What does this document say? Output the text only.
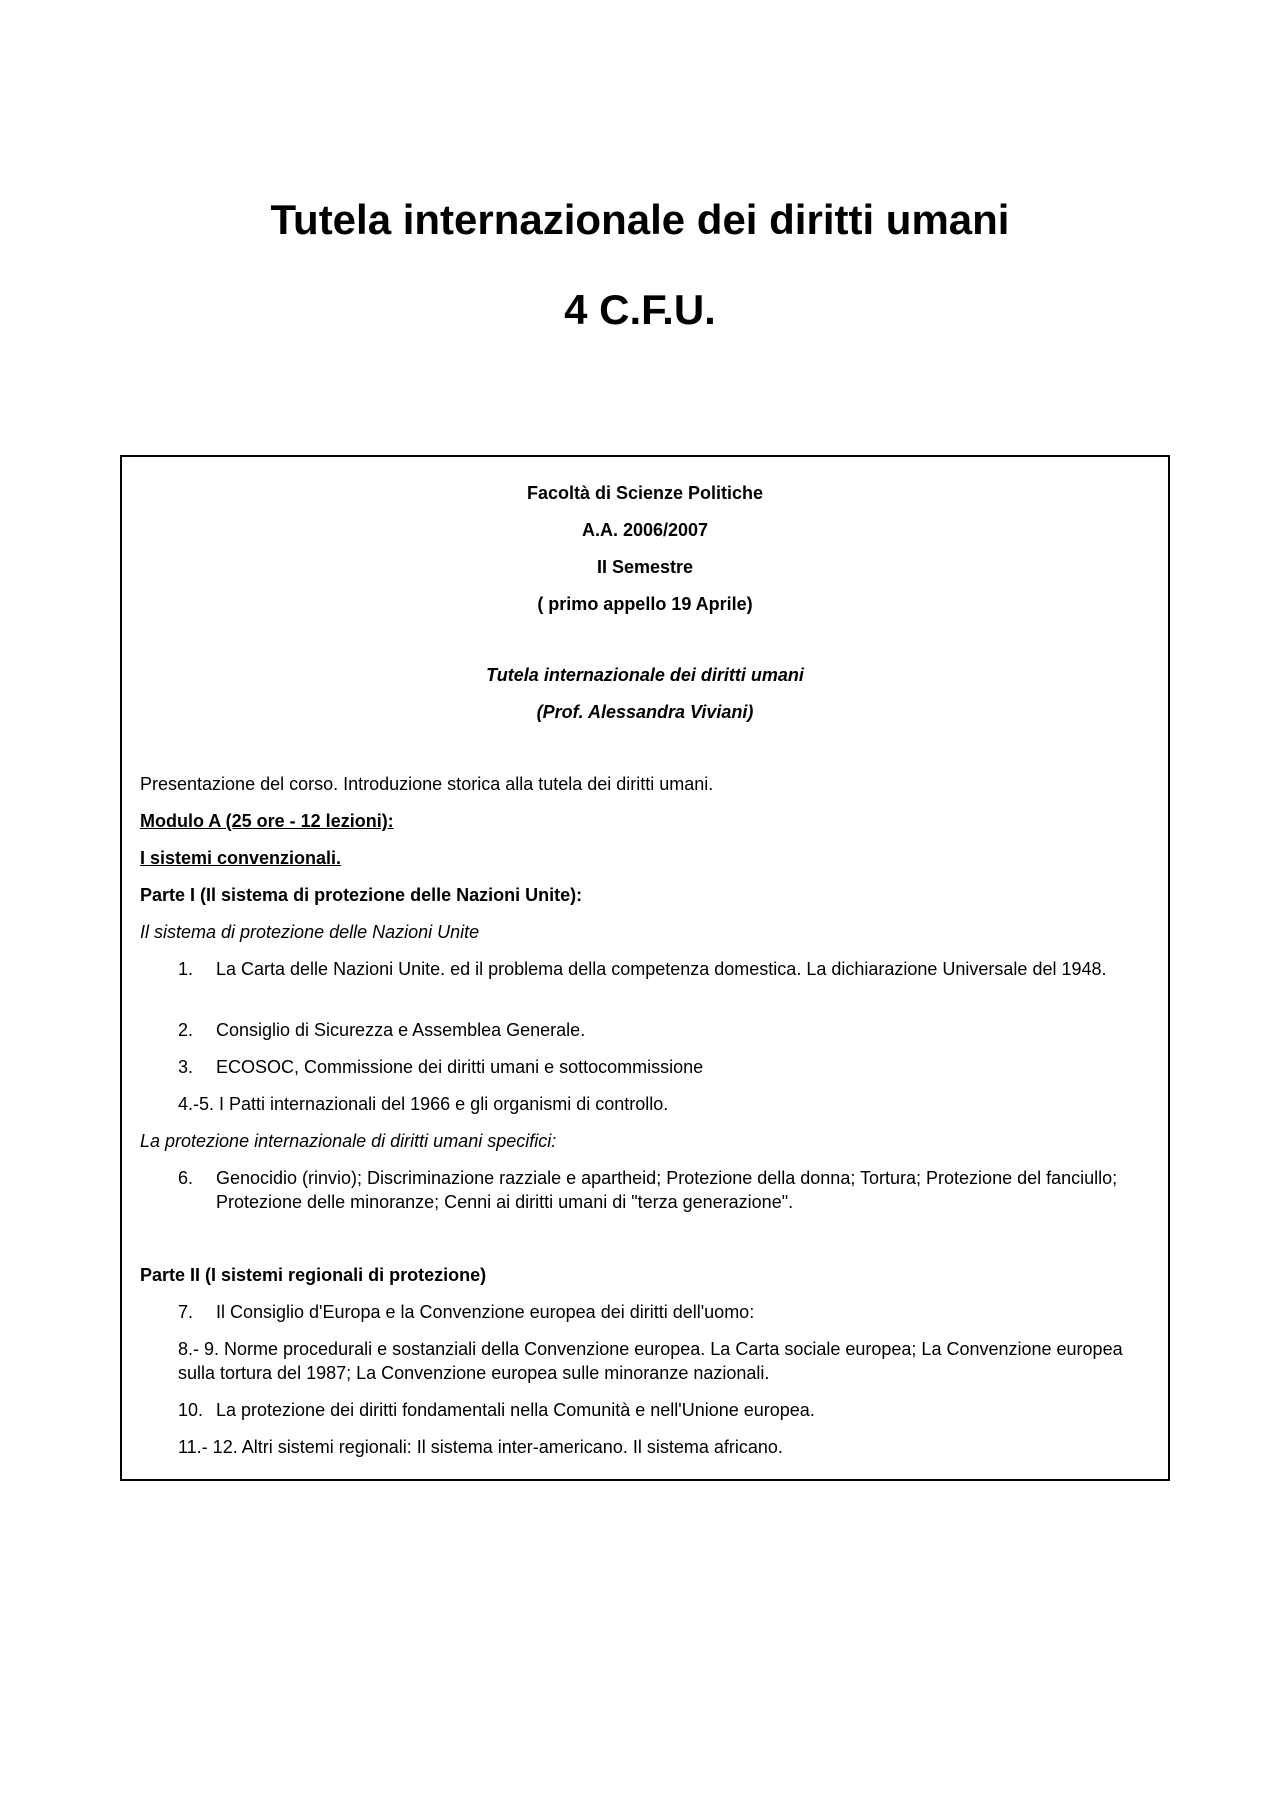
Tutela internazionale dei diritti umani
4 C.F.U.
Facoltà di Scienze Politiche
A.A. 2006/2007
II Semestre
( primo appello 19 Aprile)
Tutela internazionale dei diritti umani
(Prof. Alessandra Viviani)
Presentazione del corso. Introduzione storica alla tutela dei diritti umani.
Modulo A (25 ore - 12 lezioni):
I sistemi convenzionali.
Parte I (Il sistema di protezione delle Nazioni Unite):
Il sistema di protezione delle Nazioni Unite
1. La Carta delle Nazioni Unite. ed il problema della competenza domestica. La dichiarazione Universale del 1948.
2. Consiglio di Sicurezza e Assemblea Generale.
3. ECOSOC, Commissione dei diritti umani e sottocommissione
4.-5. I Patti internazionali del 1966 e gli organismi di controllo.
La protezione internazionale di diritti umani specifici:
6. Genocidio (rinvio); Discriminazione razziale e apartheid; Protezione della donna; Tortura; Protezione del fanciullo; Protezione delle minoranze; Cenni ai diritti umani di "terza generazione".
Parte II (I sistemi regionali di protezione)
7. Il Consiglio d'Europa e la Convenzione europea dei diritti dell'uomo:
8.- 9. Norme procedurali e sostanziali della Convenzione europea. La Carta sociale europea; La Convenzione europea sulla tortura del 1987; La Convenzione europea sulle minoranze nazionali.
10. La protezione dei diritti fondamentali nella Comunità e nell'Unione europea.
11.- 12. Altri sistemi regionali: Il sistema inter-americano. Il sistema africano.
